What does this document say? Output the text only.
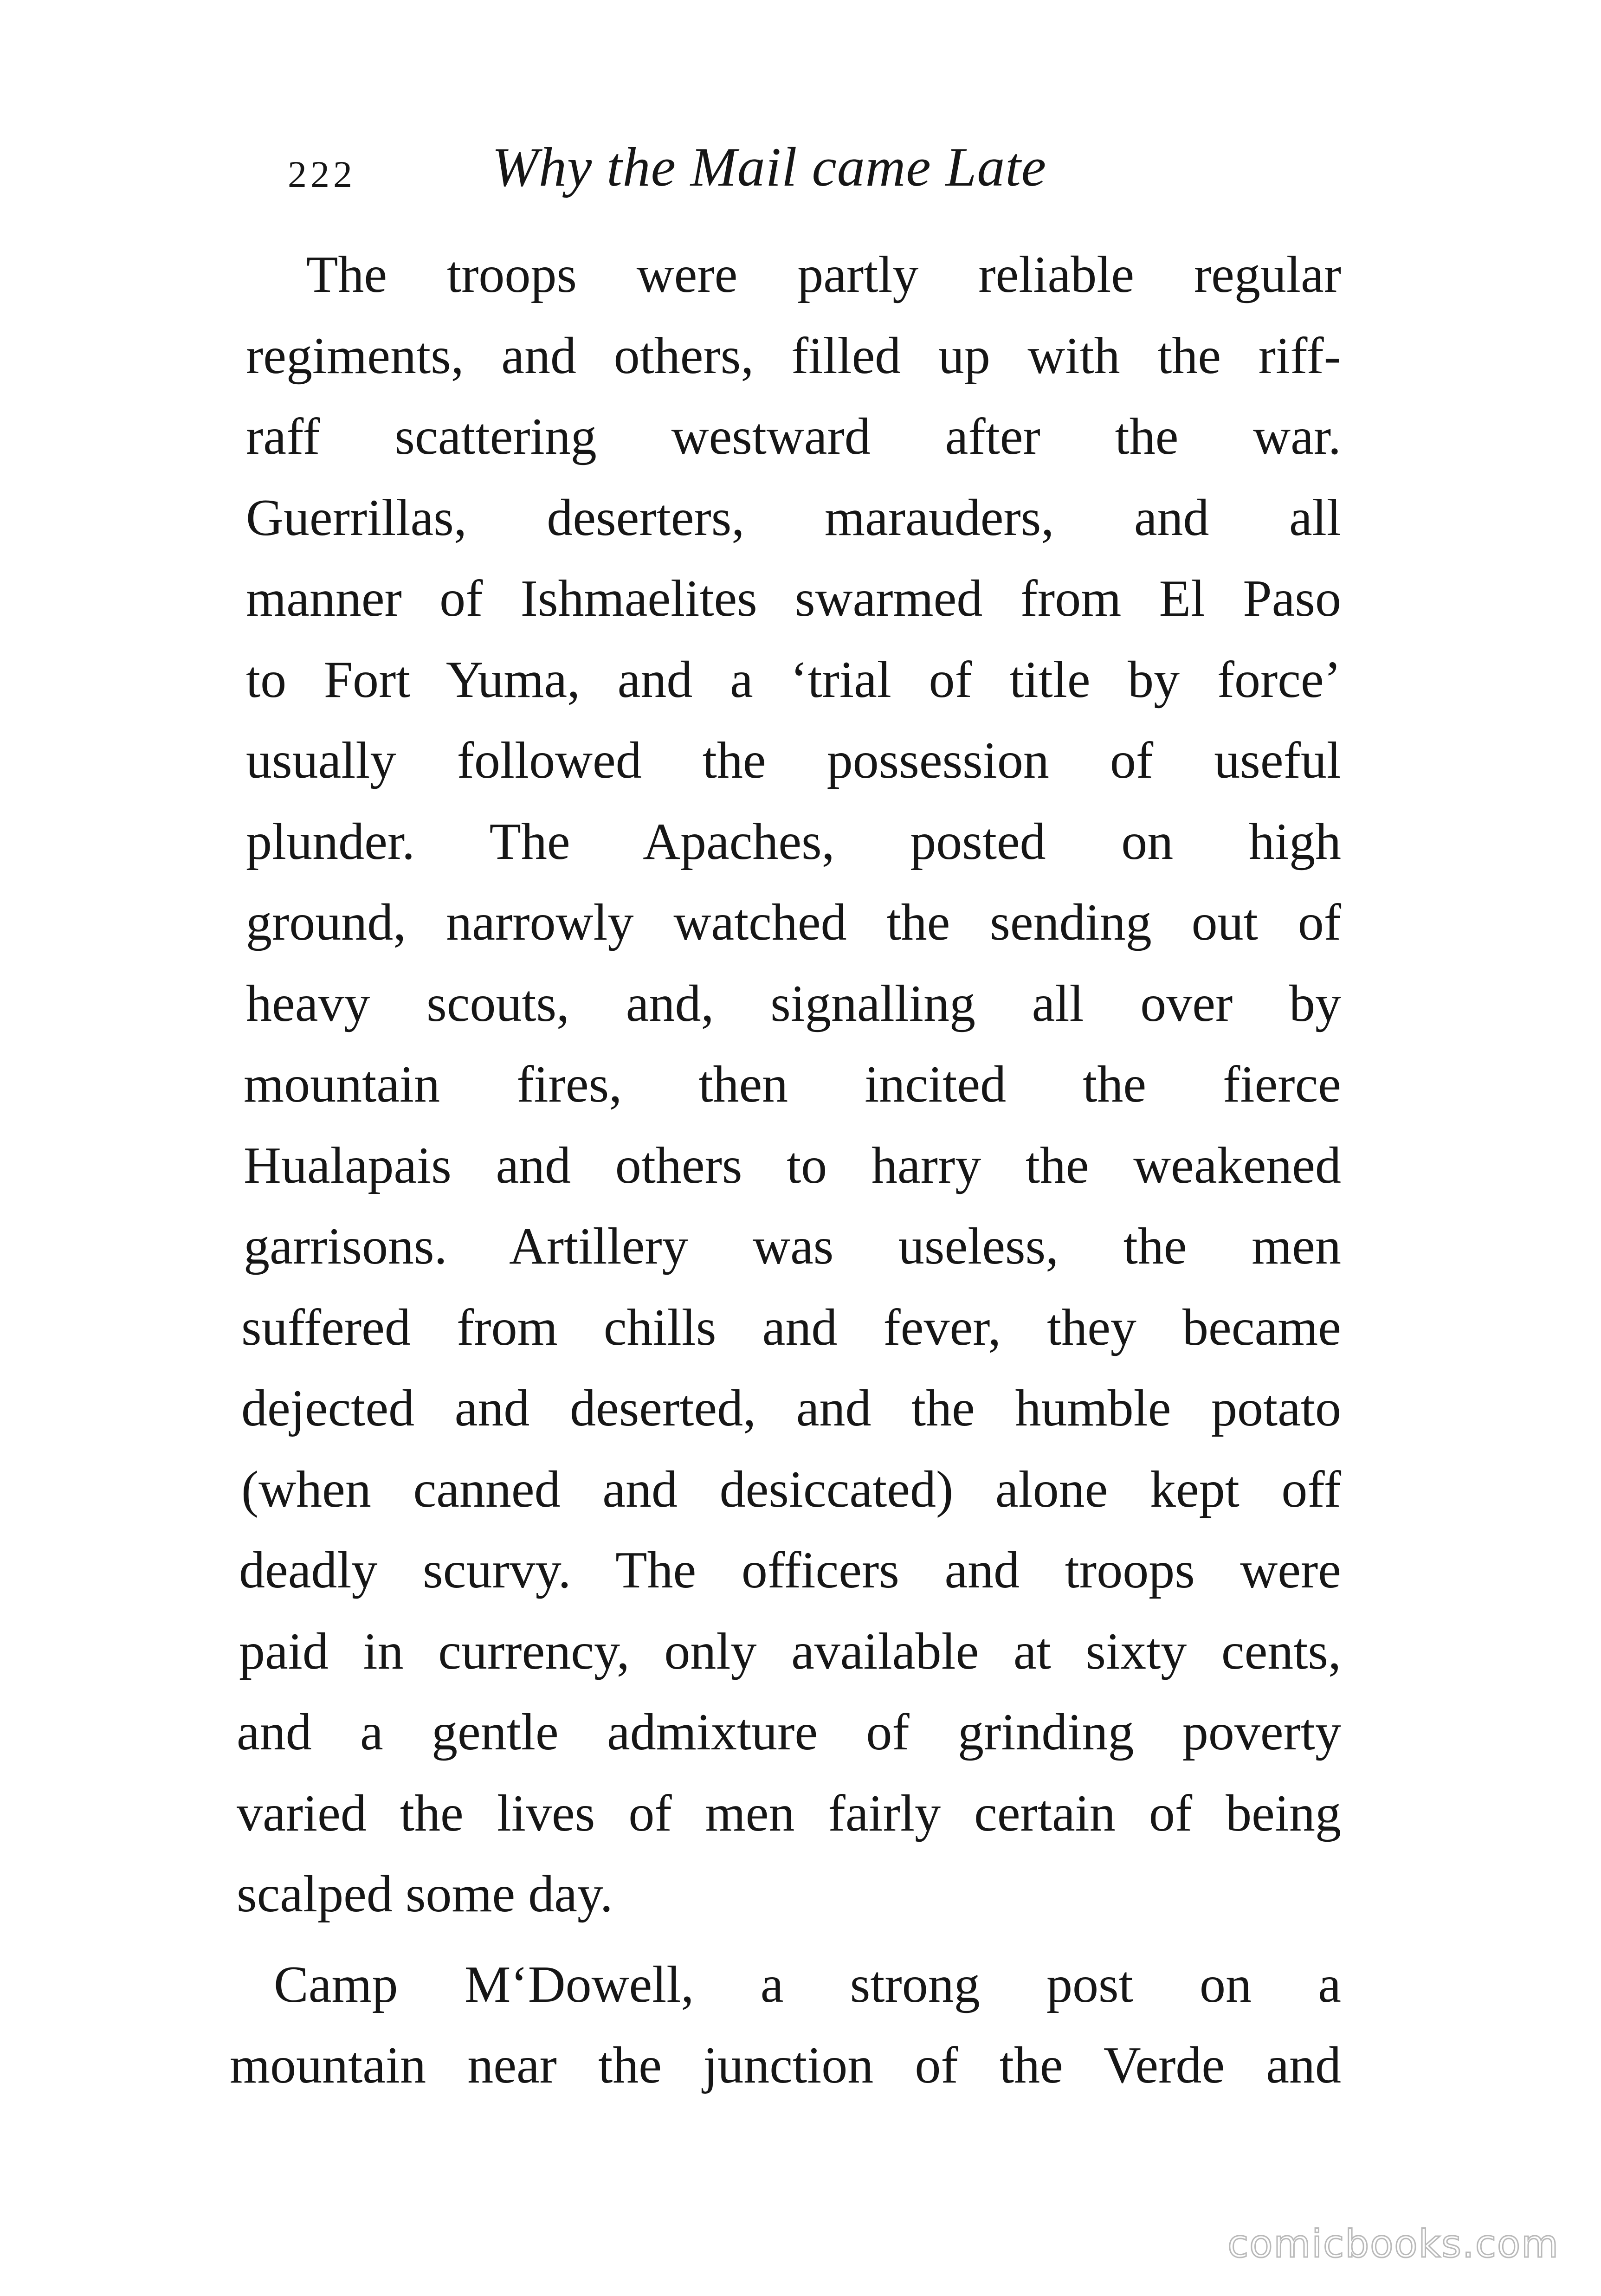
222 Why the Mail came Late
The troops were partly reliable regular
regiments, and others, filled up with the riff-
raff scattering westward after the war.
Guerrillas, deserters, marauders, and all
manner of Ishmaelites swarmed from El Paso
to Fort Yuma, and a ‘trial of title by force’
usually followed the possession of useful
plunder. The Apaches, posted on high
ground, narrowly watched the sending out of
heavy scouts, and, signalling all over by
mountain fires, then incited the fierce
Hualapais and others to harry the weakened
garrisons. Artillery was useless, the men
suffered from chills and fever, they became
dejected and deserted, and the humble potato
(when canned and desiccated) alone kept off
deadly scurvy. The officers and troops were
paid in currency, only available at sixty cents,
and a gentle admixture of grinding poverty
varied the lives of men fairly certain of being
scalped some day.
Camp M‘Dowell, a strong post on a
mountain near the junction of the Verde and
comicbooks.com
